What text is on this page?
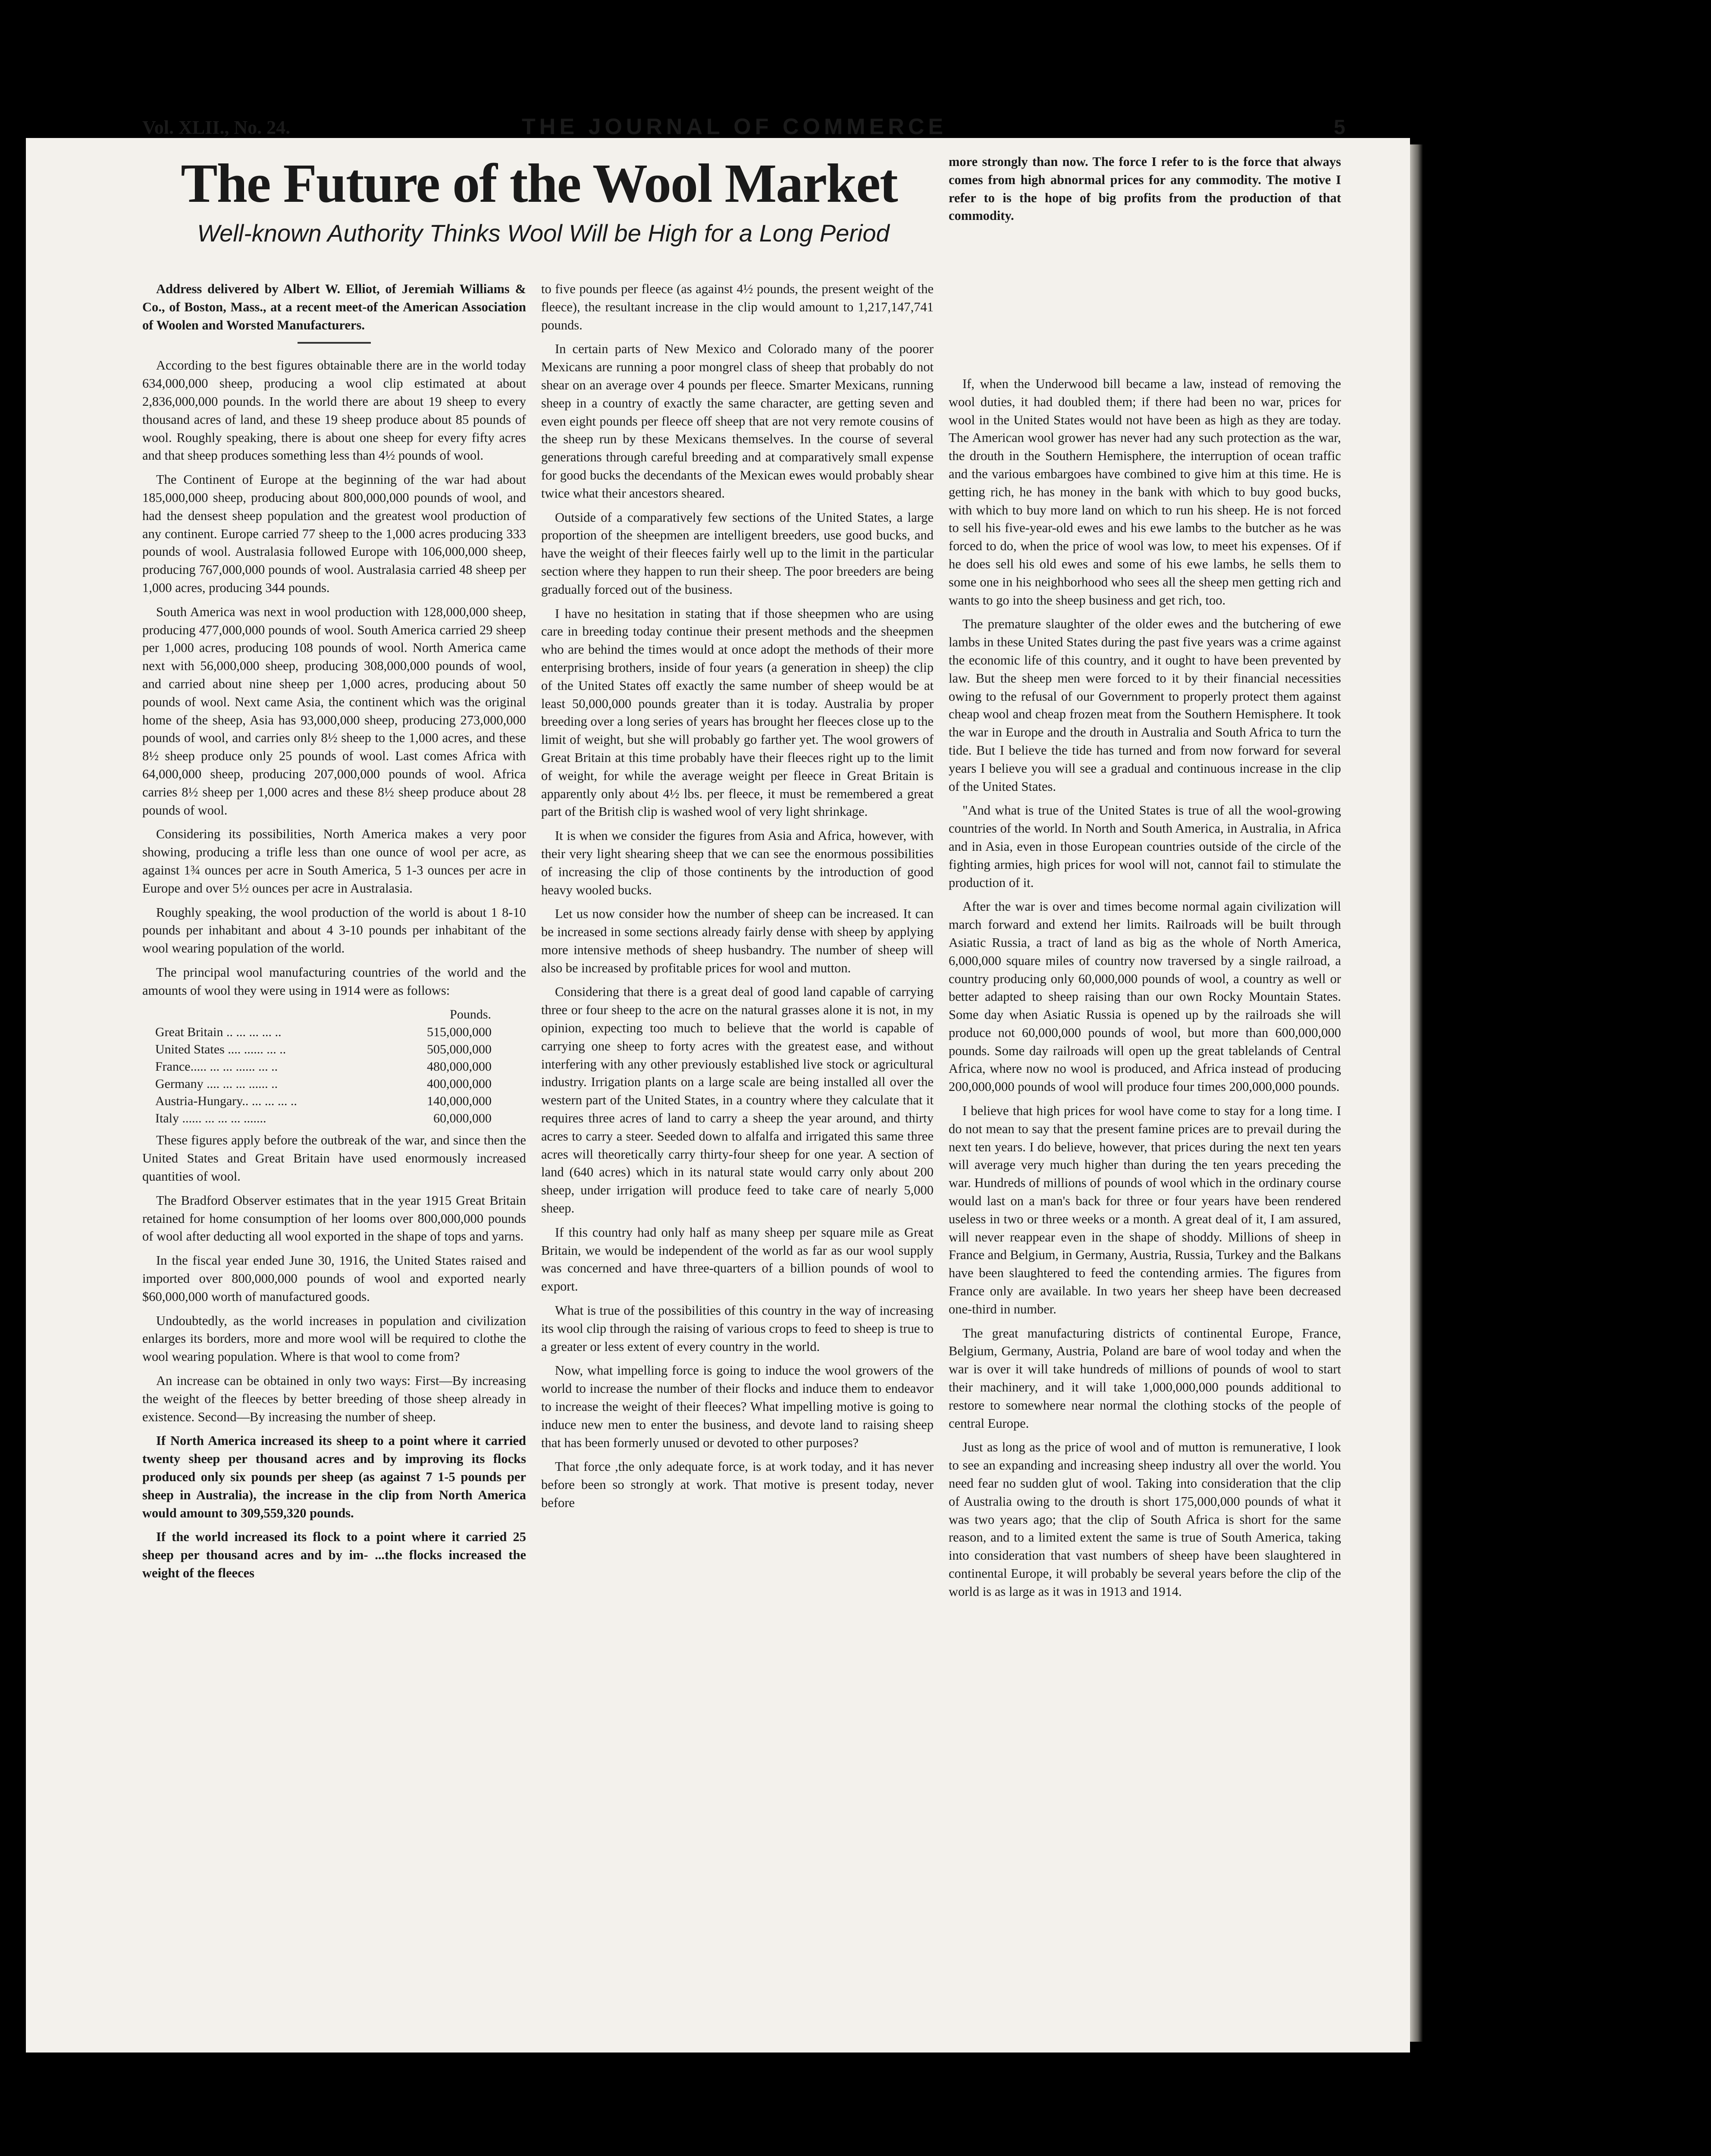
Vol. XLII., No. 24.	THE JOURNAL OF COMMERCE	5
The Future of the Wool Market
Well-known Authority Thinks Wool Will be High for a Long Period

Address delivered by Albert W. Elliot, of Jeremiah Williams & Co., of Boston, Mass., at a recent meet-of the American Association of Woolen and Worsted Manufacturers.

According to the best figures obtainable there are in the world today 634,000,000 sheep, producing a wool clip estimated at about 2,836,000,000 pounds. In the world there are about 19 sheep to every thousand acres of land, and these 19 sheep produce about 85 pounds of wool. Roughly speaking, there is about one sheep for every fifty acres and that sheep produces something less than 4½ pounds of wool.

The Continent of Europe at the beginning of the war had about 185,000,000 sheep, producing about 800,000,000 pounds of wool, and had the densest sheep population and the greatest wool production of any continent. Europe carried 77 sheep to the 1,000 acres producing 333 pounds of wool. Australasia followed Europe with 106,000,000 sheep, producing 767,000,000 pounds of wool. Australasia carried 48 sheep per 1,000 acres, producing 344 pounds.

South America was next in wool production with 128,000,000 sheep, producing 477,000,000 pounds of wool. South America carried 29 sheep per 1,000 acres, producing 108 pounds of wool. North America came next with 56,000,000 sheep, producing 308,000,000 pounds of wool, and carried about nine sheep per 1,000 acres, producing about 50 pounds of wool. Next came Asia, the continent which was the original home of the sheep, Asia has 93,000,000 sheep, producing 273,000,000 pounds of wool, and carries only 8½ sheep to the 1,000 acres, and these 8½ sheep produce only 25 pounds of wool. Last comes Africa with 64,000,000 sheep, producing 207,000,000 pounds of wool. Africa carries 8½ sheep per 1,000 acres and these 8½ sheep produce about 28 pounds of wool.

Considering its possibilities, North America makes a very poor showing, producing a trifle less than one ounce of wool per acre, as against 1¾ ounces per acre in South America, 5 1-3 ounces per acre in Europe and over 5½ ounces per acre in Australasia.

Roughly speaking, the wool production of the world is about 1 8-10 pounds per inhabitant and about 4 3-10 pounds per inhabitant of the wool wearing population of the world.

The principal wool manufacturing countries of the world and the amounts of wool they were using in 1914 were as follows:

	Pounds.
Great Britain .. ... ... ... ..	515,000,000
United States .... ...... ... ..	505,000,000
France..... ... ... ...... ... ..	480,000,000
Germany .... ... ... ...... ..	400,000,000
Austria-Hungary.. ... ... ... ..	140,000,000
Italy ...... ... ... ... .......	60,000,000

These figures apply before the outbreak of the war, and since then the United States and Great Britain have used enormously increased quantities of wool.

The Bradford Observer estimates that in the year 1915 Great Britain retained for home consumption of her looms over 800,000,000 pounds of wool after deducting all wool exported in the shape of tops and yarns.

In the fiscal year ended June 30, 1916, the United States raised and imported over 800,000,000 pounds of wool and exported nearly $60,000,000 worth of manufactured goods.

Undoubtedly, as the world increases in population and civilization enlarges its borders, more and more wool will be required to clothe the wool wearing population. Where is that wool to come from?

An increase can be obtained in only two ways: First—By increasing the weight of the fleeces by better breeding of those sheep already in existence. Second—By increasing the number of sheep.

If North America increased its sheep to a point where it carried twenty sheep per thousand acres and by improving its flocks produced only six pounds per sheep (as against 7 1-5 pounds per sheep in Australia), the increase in the clip from North America would amount to 309,559,320 pounds.

If the world increased its flock to a point where it carried 25 sheep per thousand acres and by im- ...the flocks increased the weight of the fleeces

to five pounds per fleece (as against 4½ pounds, the present weight of the fleece), the resultant increase in the clip would amount to 1,217,147,741 pounds.

In certain parts of New Mexico and Colorado many of the poorer Mexicans are running a poor mongrel class of sheep that probably do not shear on an average over 4 pounds per fleece. Smarter Mexicans, running sheep in a country of exactly the same character, are getting seven and even eight pounds per fleece off sheep that are not very remote cousins of the sheep run by these Mexicans themselves. In the course of several generations through careful breeding and at comparatively small expense for good bucks the decendants of the Mexican ewes would probably shear twice what their ancestors sheared.

Outside of a comparatively few sections of the United States, a large proportion of the sheepmen are intelligent breeders, use good bucks, and have the weight of their fleeces fairly well up to the limit in the particular section where they happen to run their sheep. The poor breeders are being gradually forced out of the business.

I have no hesitation in stating that if those sheepmen who are using care in breeding today continue their present methods and the sheepmen who are behind the times would at once adopt the methods of their more enterprising brothers, inside of four years (a generation in sheep) the clip of the United States off exactly the same number of sheep would be at least 50,000,000 pounds greater than it is today. Australia by proper breeding over a long series of years has brought her fleeces close up to the limit of weight, but she will probably go farther yet. The wool growers of Great Britain at this time probably have their fleeces right up to the limit of weight, for while the average weight per fleece in Great Britain is apparently only about 4½ lbs. per fleece, it must be remembered a great part of the British clip is washed wool of very light shrinkage.

It is when we consider the figures from Asia and Africa, however, with their very light shearing sheep that we can see the enormous possibilities of increasing the clip of those continents by the introduction of good heavy wooled bucks.

Let us now consider how the number of sheep can be increased. It can be increased in some sections already fairly dense with sheep by applying more intensive methods of sheep husbandry. The number of sheep will also be increased by profitable prices for wool and mutton.

Considering that there is a great deal of good land capable of carrying three or four sheep to the acre on the natural grasses alone it is not, in my opinion, expecting too much to believe that the world is capable of carrying one sheep to forty acres with the greatest ease, and without interfering with any other previously established live stock or agricultural industry. Irrigation plants on a large scale are being installed all over the western part of the United States, in a country where they calculate that it requires three acres of land to carry a sheep the year around, and thirty acres to carry a steer. Seeded down to alfalfa and irrigated this same three acres will theoretically carry thirty-four sheep for one year. A section of land (640 acres) which in its natural state would carry only about 200 sheep, under irrigation will produce feed to take care of nearly 5,000 sheep.

If this country had only half as many sheep per square mile as Great Britain, we would be independent of the world as far as our wool supply was concerned and have three-quarters of a billion pounds of wool to export.

What is true of the possibilities of this country in the way of increasing its wool clip through the raising of various crops to feed to sheep is true to a greater or less extent of every country in the world.

Now, what impelling force is going to induce the wool growers of the world to increase the number of their flocks and induce them to endeavor to increase the weight of their fleeces? What impelling motive is going to induce new men to enter the business, and devote land to raising sheep that has been formerly unused or devoted to other purposes?

That force ,the only adequate force, is at work today, and it has never before been so strongly at work. That motive is present today, never before

more strongly than now. The force I refer to is the force that always comes from high abnormal prices for any commodity. The motive I refer to is the hope of big profits from the production of that commodity.

If, when the Underwood bill became a law, instead of removing the wool duties, it had doubled them; if there had been no war, prices for wool in the United States would not have been as high as they are today. The American wool grower has never had any such protection as the war, the drouth in the Southern Hemisphere, the interruption of ocean traffic and the various embargoes have combined to give him at this time. He is getting rich, he has money in the bank with which to buy good bucks, with which to buy more land on which to run his sheep. He is not forced to sell his five-year-old ewes and his ewe lambs to the butcher as he was forced to do, when the price of wool was low, to meet his expenses. Of if he does sell his old ewes and some of his ewe lambs, he sells them to some one in his neighborhood who sees all the sheep men getting rich and wants to go into the sheep business and get rich, too.

The premature slaughter of the older ewes and the butchering of ewe lambs in these United States during the past five years was a crime against the economic life of this country, and it ought to have been prevented by law. But the sheep men were forced to it by their financial necessities owing to the refusal of our Government to properly protect them against cheap wool and cheap frozen meat from the Southern Hemisphere. It took the war in Europe and the drouth in Australia and South Africa to turn the tide. But I believe the tide has turned and from now forward for several years I believe you will see a gradual and continuous increase in the clip of the United States.

"And what is true of the United States is true of all the wool-growing countries of the world. In North and South America, in Australia, in Africa and in Asia, even in those European countries outside of the circle of the fighting armies, high prices for wool will not, cannot fail to stimulate the production of it.

After the war is over and times become normal again civilization will march forward and extend her limits. Railroads will be built through Asiatic Russia, a tract of land as big as the whole of North America, 6,000,000 square miles of country now traversed by a single railroad, a country producing only 60,000,000 pounds of wool, a country as well or better adapted to sheep raising than our own Rocky Mountain States. Some day when Asiatic Russia is opened up by the railroads she will produce not 60,000,000 pounds of wool, but more than 600,000,000 pounds. Some day railroads will open up the great tablelands of Central Africa, where now no wool is produced, and Africa instead of producing 200,000,000 pounds of wool will produce four times 200,000,000 pounds.

I believe that high prices for wool have come to stay for a long time. I do not mean to say that the present famine prices are to prevail during the next ten years. I do believe, however, that prices during the next ten years will average very much higher than during the ten years preceding the war. Hundreds of millions of pounds of wool which in the ordinary course would last on a man's back for three or four years have been rendered useless in two or three weeks or a month. A great deal of it, I am assured, will never reappear even in the shape of shoddy. Millions of sheep in France and Belgium, in Germany, Austria, Russia, Turkey and the Balkans have been slaughtered to feed the contending armies. The figures from France only are available. In two years her sheep have been decreased one-third in number.

The great manufacturing districts of continental Europe, France, Belgium, Germany, Austria, Poland are bare of wool today and when the war is over it will take hundreds of millions of pounds of wool to start their machinery, and it will take 1,000,000,000 pounds additional to restore to somewhere near normal the clothing stocks of the people of central Europe.

Just as long as the price of wool and of mutton is remunerative, I look to see an expanding and increasing sheep industry all over the world. You need fear no sudden glut of wool. Taking into consideration that the clip of Australia owing to the drouth is short 175,000,000 pounds of what it was two years ago; that the clip of South Africa is short for the same reason, and to a limited extent the same is true of South America, taking into consideration that vast numbers of sheep have been slaughtered in continental Europe, it will probably be several years before the clip of the world is as large as it was in 1913 and 1914.
